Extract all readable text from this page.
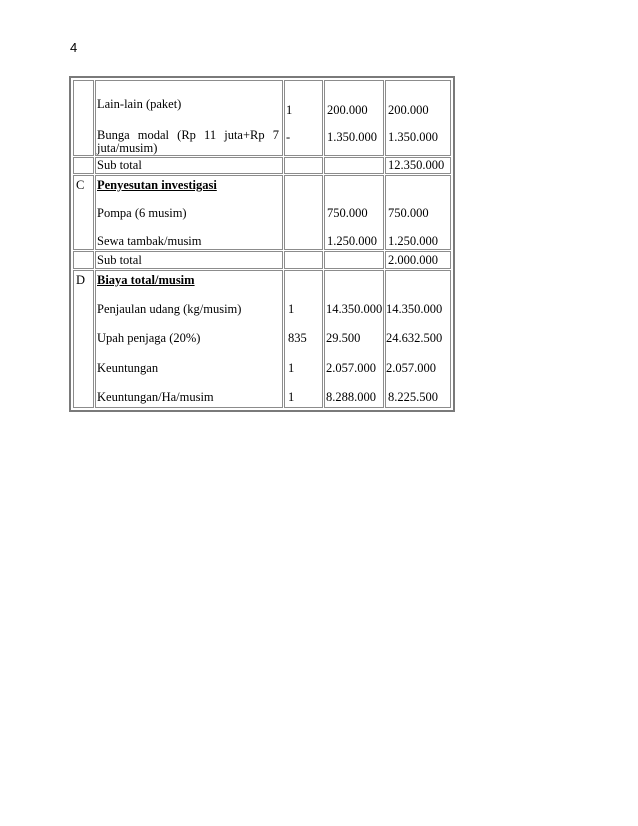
4
Lain-lain (paket)
Bunga modal (Rp 11 juta+Rp 7 juta/musim)
1
-
200.000
1.350.000
200.000
1.350.000
Sub total	12.350.000
C Penyesutan investigasi
Pompa (6 musim)
Sewa tambak/musim
750.000
1.250.000
750.000
1.250.000
Sub total	2.000.000
D Biaya total/musim
Penjaulan udang (kg/musim)
Upah penjaga (20%)
Keuntungan
Keuntungan/Ha/musim
1
835
1
1
14.350.000
29.500
2.057.000
8.288.000
14.350.000
24.632.500
2.057.000
8.225.500
